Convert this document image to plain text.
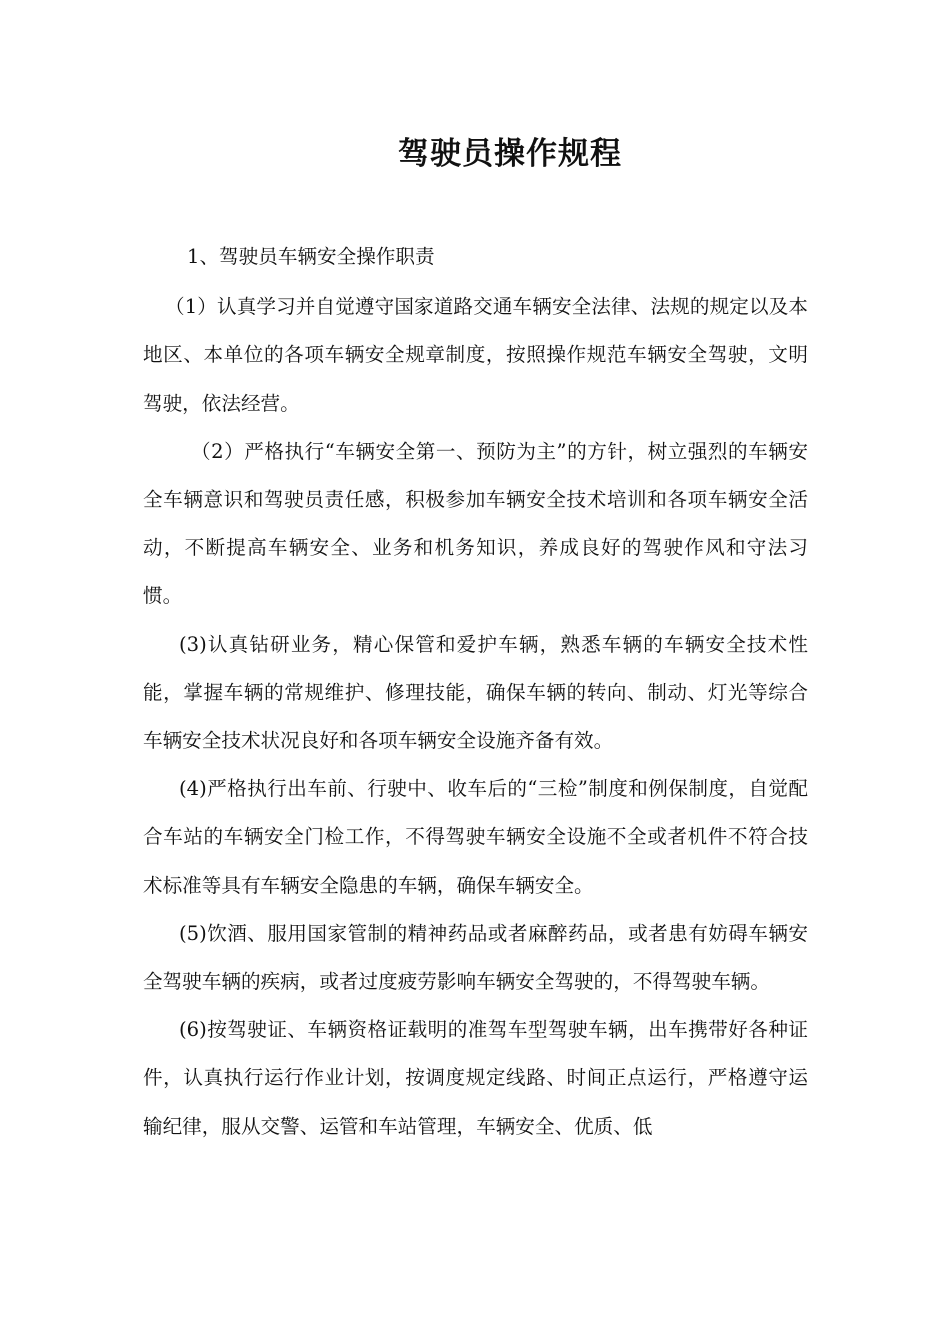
驾驶员操作规程

1、驾驶员车辆安全操作职责

（1）认真学习并自觉遵守国家道路交通车辆安全法律、法规的规定以及本地区、本单位的各项车辆安全规章制度，按照操作规范车辆安全驾驶，文明驾驶，依法经营。

（2）严格执行“车辆安全第一、预防为主”的方针，树立强烈的车辆安全车辆意识和驾驶员责任感，积极参加车辆安全技术培训和各项车辆安全活动，不断提高车辆安全、业务和机务知识，养成良好的驾驶作风和守法习惯。

(3)认真钻研业务，精心保管和爱护车辆，熟悉车辆的车辆安全技术性能，掌握车辆的常规维护、修理技能，确保车辆的转向、制动、灯光等综合车辆安全技术状况良好和各项车辆安全设施齐备有效。

(4)严格执行出车前、行驶中、收车后的“三检”制度和例保制度，自觉配合车站的车辆安全门检工作，不得驾驶车辆安全设施不全或者机件不符合技术标准等具有车辆安全隐患的车辆，确保车辆安全。

(5)饮酒、服用国家管制的精神药品或者麻醉药品，或者患有妨碍车辆安全驾驶车辆的疾病，或者过度疲劳影响车辆安全驾驶的，不得驾驶车辆。

(6)按驾驶证、车辆资格证载明的准驾车型驾驶车辆，出车携带好各种证件，认真执行运行作业计划，按调度规定线路、时间正点运行，严格遵守运输纪律，服从交警、运管和车站管理，车辆安全、优质、低
